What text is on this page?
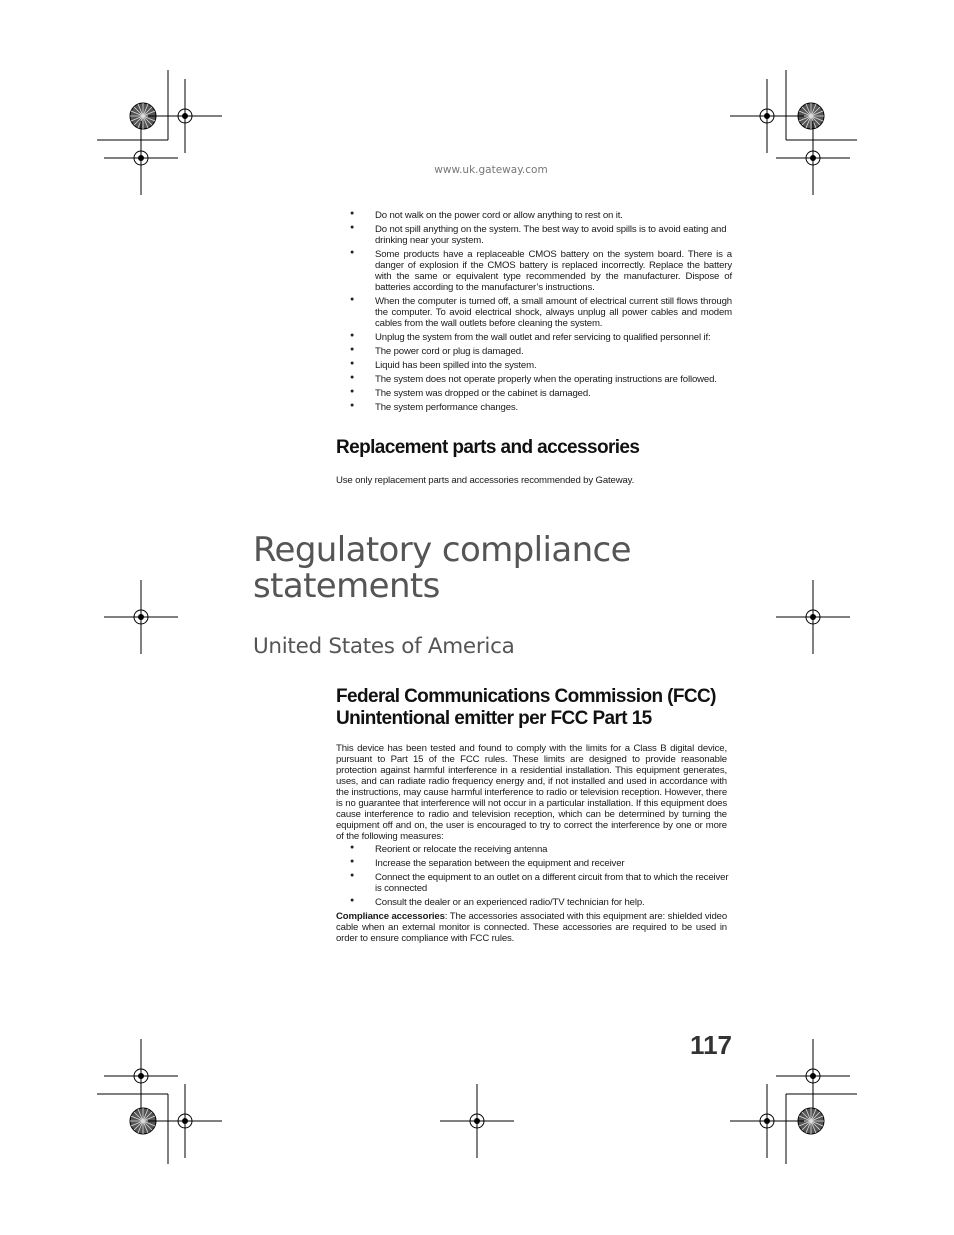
www.uk.gateway.com
● Do not walk on the power cord or allow anything to rest on it.
● Do not spill anything on the system. The best way to avoid spills is to avoid eating and drinking near your system.
● Some products have a replaceable CMOS battery on the system board. There is a danger of explosion if the CMOS battery is replaced incorrectly. Replace the battery with the same or equivalent type recommended by the manufacturer. Dispose of batteries according to the manufacturer’s instructions.
● When the computer is turned off, a small amount of electrical current still flows through the computer. To avoid electrical shock, always unplug all power cables and modem cables from the wall outlets before cleaning the system.
● Unplug the system from the wall outlet and refer servicing to qualified personnel if:
● The power cord or plug is damaged.
● Liquid has been spilled into the system.
● The system does not operate properly when the operating instructions are followed.
● The system was dropped or the cabinet is damaged.
● The system performance changes.
Replacement parts and accessories
Use only replacement parts and accessories recommended by Gateway.
Regulatory compliance statements
United States of America
Federal Communications Commission (FCC)
Unintentional emitter per FCC Part 15
This device has been tested and found to comply with the limits for a Class B digital device, pursuant to Part 15 of the FCC rules. These limits are designed to provide reasonable protection against harmful interference in a residential installation. This equipment generates, uses, and can radiate radio frequency energy and, if not installed and used in accordance with the instructions, may cause harmful interference to radio or television reception. However, there is no guarantee that interference will not occur in a particular installation. If this equipment does cause interference to radio and television reception, which can be determined by turning the equipment off and on, the user is encouraged to try to correct the interference by one or more of the following measures:
● Reorient or relocate the receiving antenna
● Increase the separation between the equipment and receiver
● Connect the equipment to an outlet on a different circuit from that to which the receiver is connected
● Consult the dealer or an experienced radio/TV technician for help.
Compliance accessories: The accessories associated with this equipment are: shielded video cable when an external monitor is connected. These accessories are required to be used in order to ensure compliance with FCC rules.
117
